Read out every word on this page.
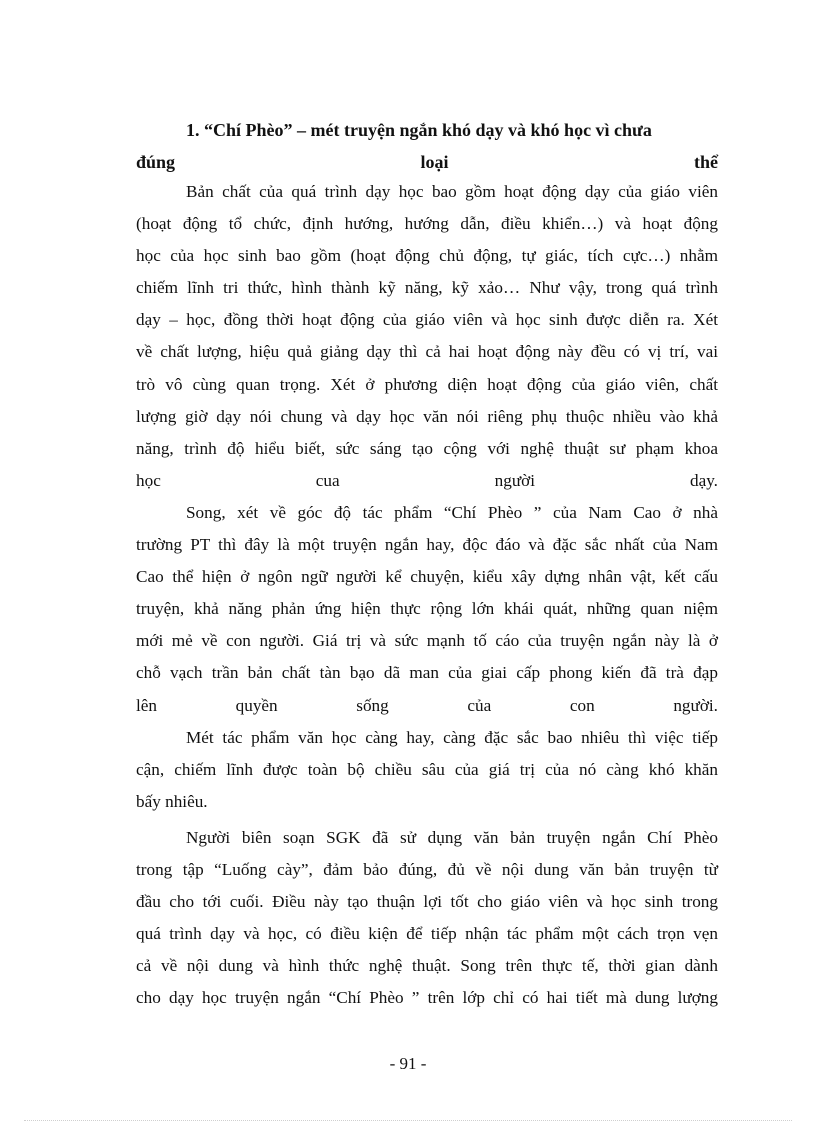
1. “Chí Phèo” – mét truyện ngắn khó dạy và khó học vì chưa
đúng	loại	thể
Bản chất của quá trình dạy học bao gồm hoạt động dạy của giáo viên
(hoạt động tổ chức, định hướng, hướng dẫn, điều khiển…) và hoạt động
học của học sinh bao gồm (hoạt động chủ động, tự giác, tích cực…) nhằm
chiếm lĩnh tri thức, hình thành kỹ năng, kỹ xảo… Như vậy, trong quá trình
dạy – học, đồng thời hoạt động của giáo viên và học sinh được diễn ra. Xét
về chất lượng, hiệu quả giảng dạy thì cả hai hoạt động này đều có vị trí, vai
trò vô cùng quan trọng. Xét ở phương diện hoạt động của giáo viên, chất
lượng giờ dạy nói chung và dạy học văn nói riêng phụ thuộc nhiều vào khả
năng, trình độ hiểu biết, sức sáng tạo cộng với nghệ thuật sư phạm khoa
học	cua	người	dạy.
Song, xét về góc độ tác phẩm “Chí Phèo ” của Nam Cao ở nhà
trường PT thì đây là một truyện ngắn hay, độc đáo và đặc sắc nhất của Nam
Cao thể hiện ở ngôn ngữ người kể chuyện, kiểu xây dựng nhân vật, kết cấu
truyện, khả năng phản ứng hiện thực rộng lớn khái quát, những quan niệm
mới mẻ về con người. Giá trị và sức mạnh tố cáo của truyện ngắn này là ở
chỗ vạch trần bản chất tàn bạo dã man của giai cấp phong kiến đã trà đạp
lên	quyền	sống	của	con	người.
Mét tác phẩm văn học càng hay, càng đặc sắc bao nhiêu thì việc tiếp
cận, chiếm lĩnh được toàn bộ chiều sâu của giá trị của nó càng khó khăn
bấy nhiêu.
Người biên soạn SGK đã sử dụng văn bản truyện ngắn Chí Phèo
trong tập “Luống cày”, đảm bảo đúng, đủ về nội dung văn bản truyện từ
đầu cho tới cuối. Điều này tạo thuận lợi tốt cho giáo viên và học sinh trong
quá trình dạy và học, có điều kiện để tiếp nhận tác phẩm một cách trọn vẹn
cả về nội dung và hình thức nghệ thuật. Song trên thực tế, thời gian dành
cho dạy học truyện ngắn “Chí Phèo ” trên lớp chỉ có hai tiết mà dung lượng
- 91 -
